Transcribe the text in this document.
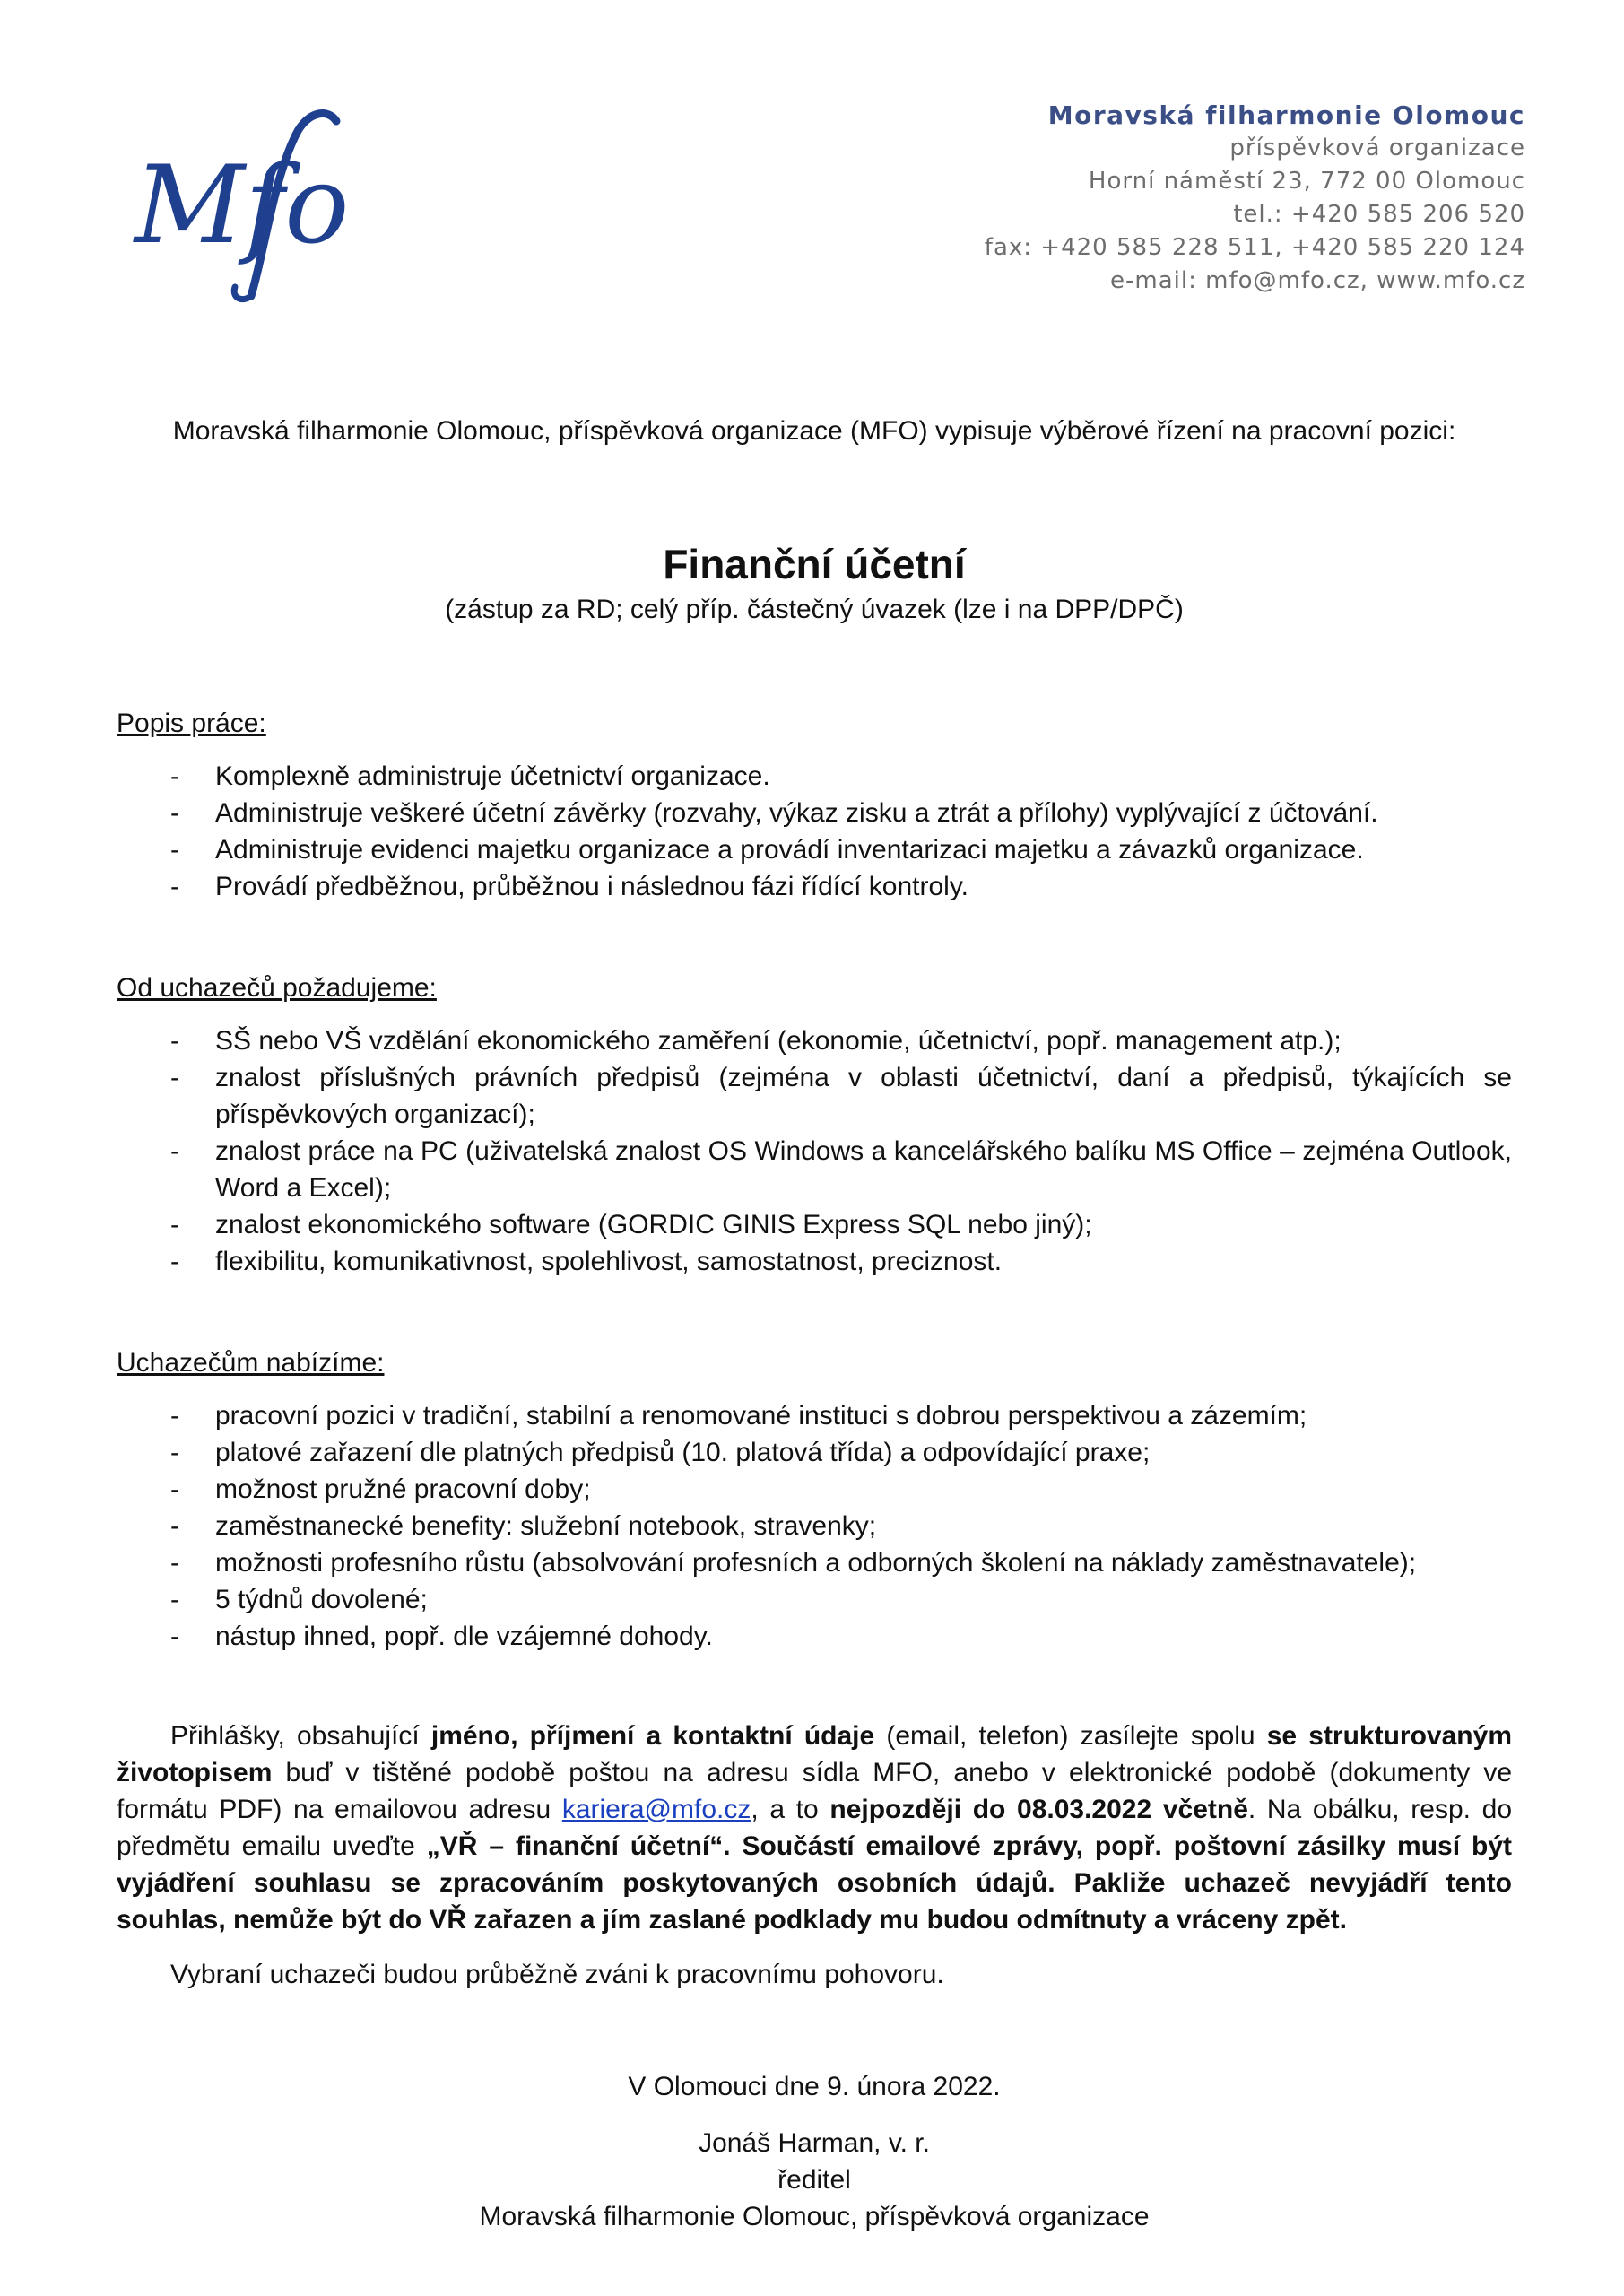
Mfo
Moravská filharmonie Olomouc
příspěvková organizace
Horní náměstí 23, 772 00 Olomouc
tel.: +420 585 206 520
fax: +420 585 228 511, +420 585 220 124
e-mail: mfo@mfo.cz, www.mfo.cz

Moravská filharmonie Olomouc, příspěvková organizace (MFO) vypisuje výběrové řízení na pracovní pozici:

Finanční účetní

(zástup za RD; celý příp. částečný úvazek (lze i na DPP/DPČ)

Popis práce:
- Komplexně administruje účetnictví organizace.
- Administruje veškeré účetní závěrky (rozvahy, výkaz zisku a ztrát a přílohy) vyplývající z účtování.
- Administruje evidenci majetku organizace a provádí inventarizaci majetku a závazků organizace.
- Provádí předběžnou, průběžnou i následnou fázi řídící kontroly.
Od uchazečů požadujeme:
- SŠ nebo VŠ vzdělání ekonomického zaměření (ekonomie, účetnictví, popř. management atp.);
- znalost příslušných právních předpisů (zejména v oblasti účetnictví, daní a předpisů, týkajících se příspěvkových organizací);
- znalost práce na PC (uživatelská znalost OS Windows a kancelářského balíku MS Office – zejména Outlook, Word a Excel);
- znalost ekonomického software (GORDIC GINIS Express SQL nebo jiný);
- flexibilitu, komunikativnost, spolehlivost, samostatnost, preciznost.
Uchazečům nabízíme:
- pracovní pozici v tradiční, stabilní a renomované instituci s dobrou perspektivou a zázemím;
- platové zařazení dle platných předpisů (10. platová třída) a odpovídající praxe;
- možnost pružné pracovní doby;
- zaměstnanecké benefity: služební notebook, stravenky;
- možnosti profesního růstu (absolvování profesních a odborných školení na náklady zaměstnavatele);
- 5 týdnů dovolené;
- nástup ihned, popř. dle vzájemné dohody.

Přihlášky, obsahující jméno, příjmení a kontaktní údaje (email, telefon) zasílejte spolu se strukturovaným životopisem buď v tištěné podobě poštou na adresu sídla MFO, anebo v elektronické podobě (dokumenty ve formátu PDF) na emailovou adresu kariera@mfo.cz, a to nejpozději do 08.03.2022 včetně. Na obálku, resp. do předmětu emailu uveďte „VŘ – finanční účetní“. Součástí emailové zprávy, popř. poštovní zásilky musí být vyjádření souhlasu se zpracováním poskytovaných osobních údajů. Pakliže uchazeč nevyjádří tento souhlas, nemůže být do VŘ zařazen a jím zaslané podklady mu budou odmítnuty a vráceny zpět.

Vybraní uchazeči budou průběžně zváni k pracovnímu pohovoru.

V Olomouci dne 9. února 2022.

Jonáš Harman, v. r.
ředitel
Moravská filharmonie Olomouc, příspěvková organizace
